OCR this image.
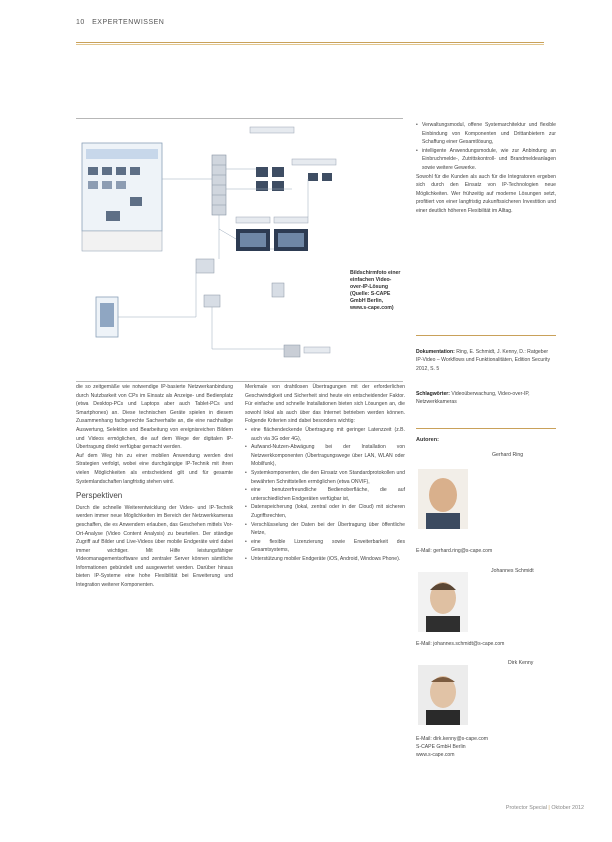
10 EXPERTENWISSEN
Bildschirmfoto einer einfachen Video-over-IP-Lösung (Quelle: S-CAPE GmbH Berlin, www.s-cape.com)

die so zeitgemäße wie notwendige IP-basierte Netzwerkanbindung durch Nutzbarkeit von CPs im Einsatz als Anzeige- und Bedienplatz (etwa Desktop-PCs und Laptops aber auch Tablet-PCs und Smartphones) an. Diese technischen Geräte spielen in diesem Zusammenhang fachgerechte Sachverhalte an, die eine nachhaltige Auswertung, Selektion und Bearbeitung von ereignisreichen Bildern und Videos ermöglichen, die auf dem Wege der digitalen IP-Übertragung direkt verfügbar gemacht werden.

Auf dem Weg hin zu einer mobilen Anwendung werden drei Strategien verfolgt, wobei eine durchgängige IP-Technik mit ihren vielen Möglichkeiten als entscheidend gilt und für gesamte Systemlandschaften langfristig stehen wird.

Perspektiven

Durch die schnelle Weiterentwicklung der Video- und IP-Technik werden immer neue Möglichkeiten im Bereich der Netzwerkkameras geschaffen, die es Anwendern erlauben, das Geschehen mittels Vor-Ort-Analyse (Video Content Analysis) zu beurteilen. Der ständige Zugriff auf Bilder und Live-Videos über mobile Endgeräte wird dabei immer wichtiger. Mit Hilfe leistungsfähiger Videomanagementsoftware und zentraler Server können sämtliche Informationen gebündelt und ausgewertet werden. Darüber hinaus bieten IP-Systeme eine hohe Flexibilität bei Erweiterung und Integration weiterer Komponenten.

Merkmale von drahtlosen Übertragungen mit der erforderlichen Geschwindigkeit und Sicherheit sind heute ein entscheidender Faktor. Für einfache und schnelle Installationen bieten sich Lösungen an, die sowohl lokal als auch über das Internet betrieben werden können. Folgende Kriterien sind dabei besonders wichtig:

• eine flächendeckende Übertragung mit geringer Latenzzeit (z.B. auch via 3G oder 4G),
• Aufwand-Nutzen-Abwägung bei der Installation von Netzwerkkomponenten (Übertragungswege über LAN, WLAN oder Mobilfunk),
• Systemkomponenten, die den Einsatz von Standardprotokollen und bewährten Schnittstellen ermöglichen (etwa ONVIF),
• eine benutzerfreundliche Bedienoberfläche, die auf unterschiedlichen Endgeräten verfügbar ist,
• Datenspeicherung (lokal, zentral oder in der Cloud) mit sicheren Zugriffsrechten,
• Verschlüsselung der Daten bei der Übertragung über öffentliche Netze,
• eine flexible Lizenzierung sowie Erweiterbarkeit des Gesamtsystems,
• Unterstützung mobiler Endgeräte (iOS, Android, Windows Phone).
• Verwaltungsmodul, offene Systemarchitektur und flexible Einbindung von Komponenten und Drittanbietern zur Schaffung einer Gesamtlösung,
• intelligente Anwendungsmodule, wie zur Anbindung an Einbruchmelde-, Zutrittskontroll- und Brandmeldeanlagen sowie weitere Gewerke.

Sowohl für die Kunden als auch für die Integratoren ergeben sich durch den Einsatz von IP-Technologien neue Möglichkeiten. Wer frühzeitig auf moderne Lösungen setzt, profitiert von einer langfristig zukunftssicheren Investition und einer deutlich höheren Flexibilität im Alltag.

Dokumentation: Ring, E. Schmidt, J. Kenny, D.: Ratgeber IP-Video – Workflows und Funktionalitäten, Edition Security 2012, S. 5
Schlagwörter: Videoüberwachung, Video-over-IP, Netzwerkkameras
Autoren:
Gerhard Ring
E-Mail: gerhard.ring@s-cape.com
Johannes Schmidt
E-Mail: johannes.schmidt@s-cape.com
Dirk Kenny
E-Mail: dirk.kenny@s-cape.com
S-CAPE GmbH Berlin
www.s-cape.com
Protector Special | Oktober 2012
